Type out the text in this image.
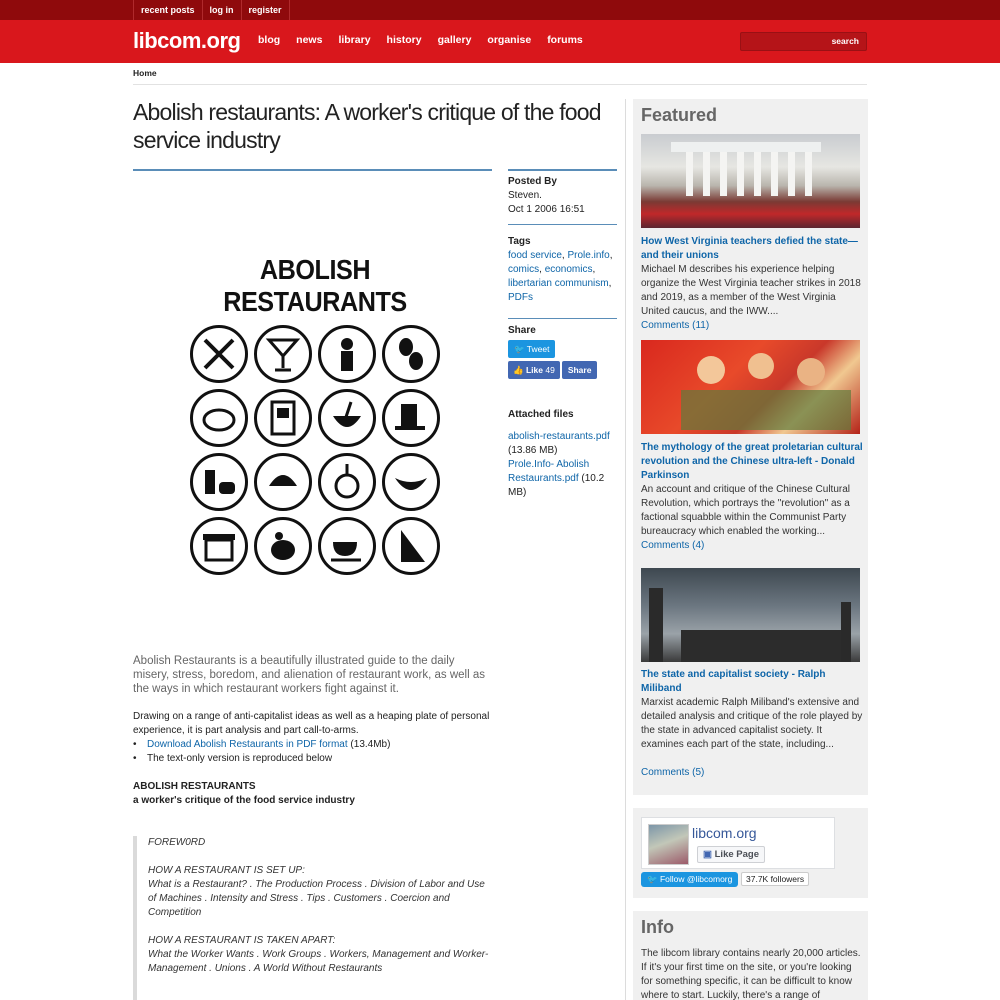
recent posts	log in	register
libcom.org	blog	news	library	history	gallery	organise	forums	search
Home
Abolish restaurants: A worker's critique of the food service industry
ABOLISH RESTAURANTS

Abolish Restaurants is a beautifully illustrated guide to the daily misery, stress, boredom, and alienation of restaurant work, as well as the ways in which restaurant workers fight against it.

Drawing on a range of anti-capitalist ideas as well as a heaping plate of personal experience, it is part analysis and part call-to-arms.

• Download Abolish Restaurants in PDF format (13.4Mb)
• The text-only version is reproduced below
ABOLISH RESTAURANTS
a worker's critique of the food service industry

FOREW0RD

HOW A RESTAURANT IS SET UP:
What is a Restaurant? . The Production Process . Division of Labor and Use of Machines . Intensity and Stress . Tips . Customers . Coercion and Competition

HOW A RESTAURANT IS TAKEN APART:
What the Worker Wants . Work Groups . Workers, Management and Worker-Management . Unions . A World Without Restaurants

Posted By
Steven.
Oct 1 2006 16:51
Tags
food service, Prole.info, comics, economics, libertarian communism, PDFs
Share
🐦 Tweet
👍 Like 49 Share
Attached files
abolish-restaurants.pdf
(13.86 MB)
Prole.Info- Abolish Restaurants.pdf (10.2 MB)
Featured
How West Virginia teachers defied the state—and their unions
Michael M describes his experience helping organize the West Virginia teacher strikes in 2018 and 2019, as a member of the West Virginia United caucus, and the IWW....
Comments (11)
The mythology of the great proletarian cultural revolution and the Chinese ultra-left - Donald Parkinson
An account and critique of the Chinese Cultural Revolution, which portrays the "revolution" as a factional squabble within the Communist Party bureaucracy which enabled the working...
Comments (4)
The state and capitalist society - Ralph Miliband
Marxist academic Ralph Miliband's extensive and detailed analysis and critique of the role played by the state in advanced capitalist society. It examines each part of the state, including...
Comments (5)
libcom.org
▣ Like Page
🐦 Follow @libcomorg	37.7K followers
Info

The libcom library contains nearly 20,000 articles. If it's your first time on the site, or you're looking for something specific, it can be difficult to know where to start. Luckily, there's a range of
